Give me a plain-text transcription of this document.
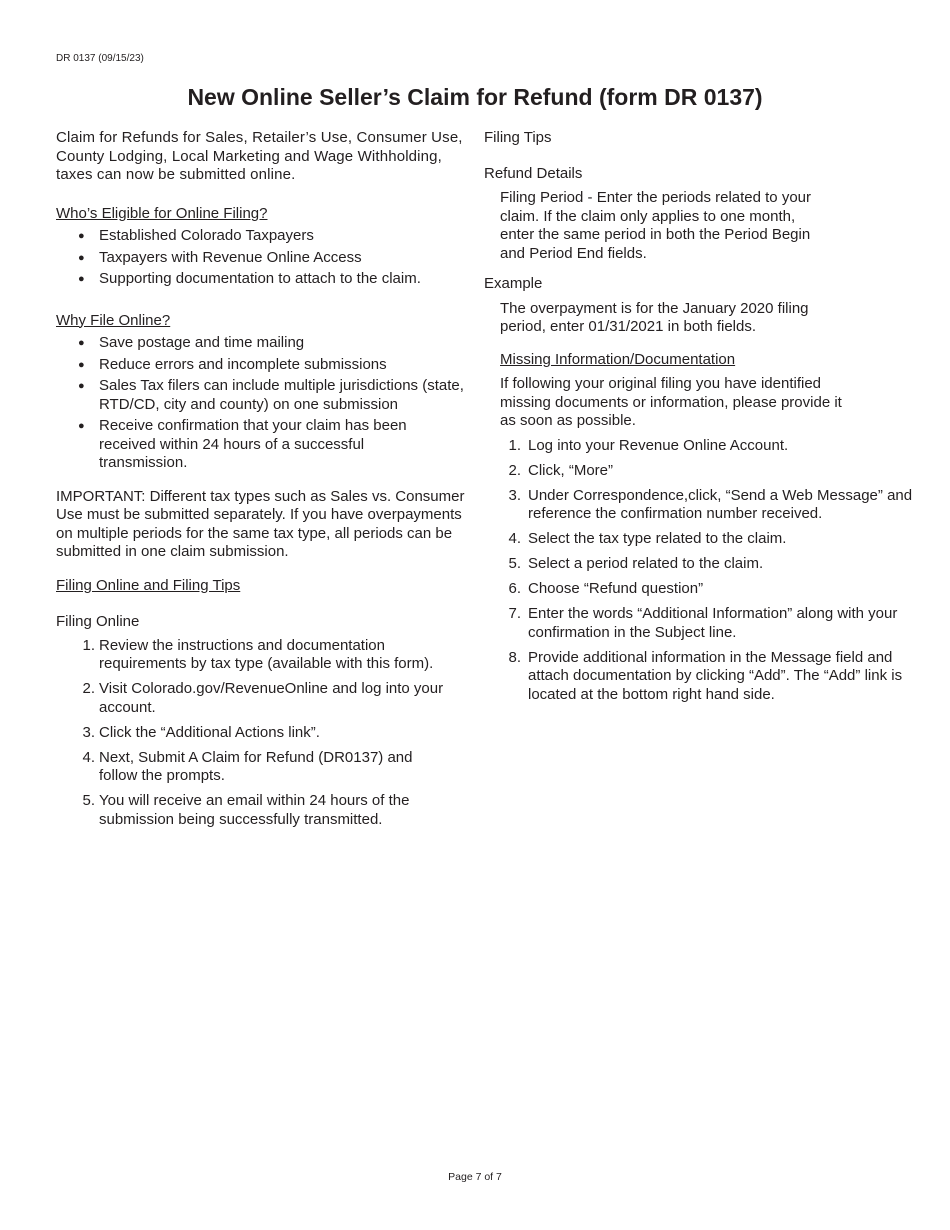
DR 0137 (09/15/23)
New Online Seller’s Claim for Refund (form DR 0137)

Claim for Refunds for Sales, Retailer’s Use, Consumer Use, County Lodging, Local Marketing and Wage Withholding, taxes can now be submitted online.

Who’s Eligible for Online Filing?

● Established Colorado Taxpayers
● Taxpayers with Revenue Online Access
● Supporting documentation to attach to the claim.

Why File Online?

● Save postage and time mailing
● Reduce errors and incomplete submissions
● Sales Tax filers can include multiple jurisdictions (state, RTD/CD, city and county) on one submission
● Receive confirmation that your claim has been received within 24 hours of a successful transmission.

IMPORTANT: Different tax types such as Sales vs. Consumer Use must be submitted separately. If you have overpayments on multiple periods for the same tax type, all periods can be submitted in one claim submission.

Filing Online and Filing Tips

Filing Online

1. Review the instructions and documentation requirements by tax type (available with this form).
2. Visit Colorado.gov/RevenueOnline and log into your account.
3. Click the “Additional Actions link”.
4. Next, Submit A Claim for Refund (DR0137) and follow the prompts.
5. You will receive an email within 24 hours of the submission being successfully transmitted.

Filing Tips

Refund Details

Filing Period - Enter the periods related to your claim. If the claim only applies to one month, enter the same period in both the Period Begin and Period End fields.

Example

The overpayment is for the January 2020 filing period, enter 01/31/2021 in both fields.

Missing Information/Documentation

If following your original filing you have identified missing documents or information, please provide it as soon as possible.

1. Log into your Revenue Online Account.
2. Click, “More”
3. Under Correspondence,click, “Send a Web Message” and reference the confirmation number received.
4. Select the tax type related to the claim.
5. Select a period related to the claim.
6. Choose “Refund question”
7. Enter the words “Additional Information” along with your confirmation in the Subject line.
8. Provide additional information in the Message field and attach documentation by clicking “Add”. The “Add” link is located at the bottom right hand side.
Page 7 of 7
